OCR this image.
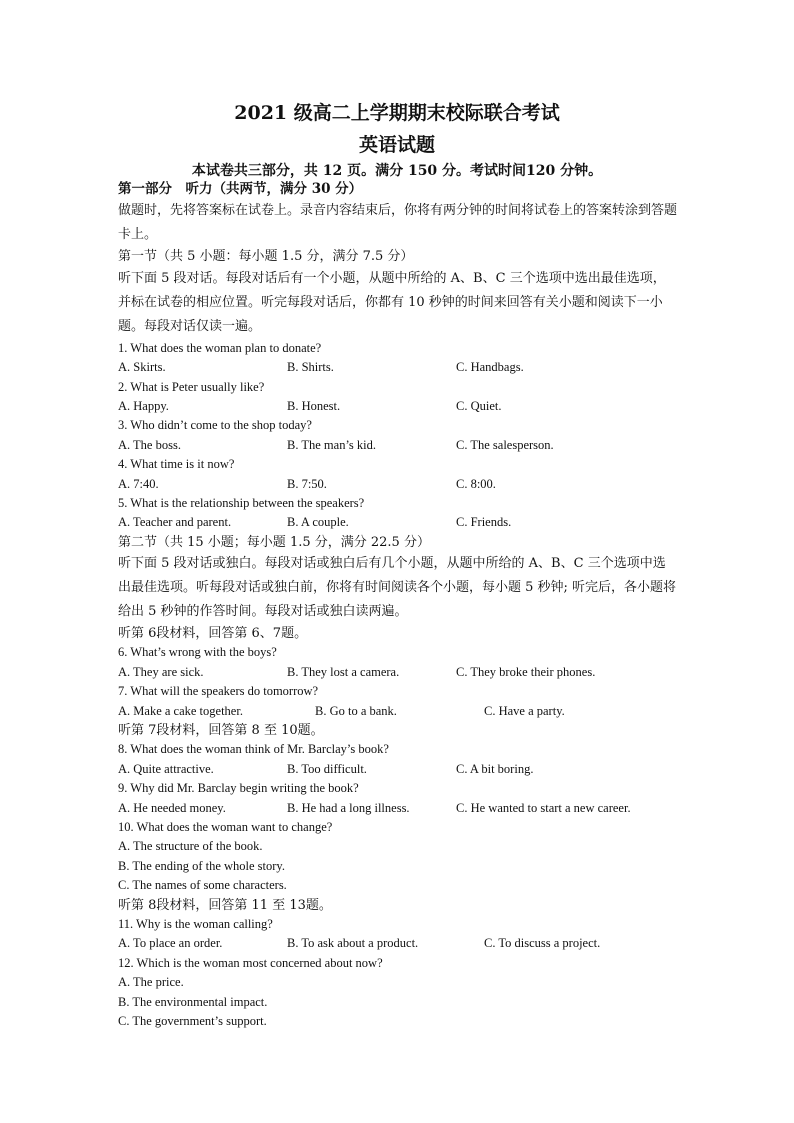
2021 级高二上学期期末校际联合考试
英语试题
本试卷共三部分，共 12 页。满分 150 分。考试时间120 分钟。
第一部分　听力（共两节，满分 30 分）
做题时，先将答案标在试卷上。录音内容结束后，你将有两分钟的时间将试卷上的答案转涂到答题卡上。
第一节（共 5 小题：每小题 1.5 分，满分 7.5 分）
听下面 5 段对话。每段对话后有一个小题，从题中所给的 A、B、C 三个选项中选出最佳选项，并标在试卷的相应位置。听完每段对话后，你都有 10 秒钟的时间来回答有关小题和阅读下一小题。每段对话仅读一遍。
1. What does the woman plan to donate?
A. Skirts.	B. Shirts.	C. Handbags.
2. What is Peter usually like?
A. Happy.	B. Honest.	C. Quiet.
3. Who didn’t come to the shop today?
A. The boss.	B. The man’s kid.	C. The salesperson.
4. What time is it now?
A. 7:40.	B. 7:50.	C. 8:00.
5. What is the relationship between the speakers?
A. Teacher and parent.	B. A couple.	C. Friends.
第二节（共 15 小题；每小题 1.5 分，满分 22.5 分）
听下面 5 段对话或独白。每段对话或独白后有几个小题，从题中所给的 A、B、C 三个选项中选出最佳选项。听每段对话或独白前，你将有时间阅读各个小题，每小题 5 秒钟; 听完后，各小题将给出 5 秒钟的作答时间。每段对话或独白读两遍。
听第 6段材料，回答第 6、7题。
6. What’s wrong with the boys?
A. They are sick.	B. They lost a camera.	C. They broke their phones.
7. What will the speakers do tomorrow?
A. Make a cake together.	B. Go to a bank.	C. Have a party.
听第 7段材料，回答第 8 至 10题。
8. What does the woman think of Mr. Barclay’s book?
A. Quite attractive.	B. Too difficult.	C. A bit boring.
9. Why did Mr. Barclay begin writing the book?
A. He needed money.	B. He had a long illness.	C. He wanted to start a new career.
10. What does the woman want to change?
A. The structure of the book.
B. The ending of the whole story.
C. The names of some characters.
听第 8段材料，回答第 11 至 13题。
11. Why is the woman calling?
A. To place an order.	B. To ask about a product.	C. To discuss a project.
12. Which is the woman most concerned about now?
A. The price.
B. The environmental impact.
C. The government’s support.
